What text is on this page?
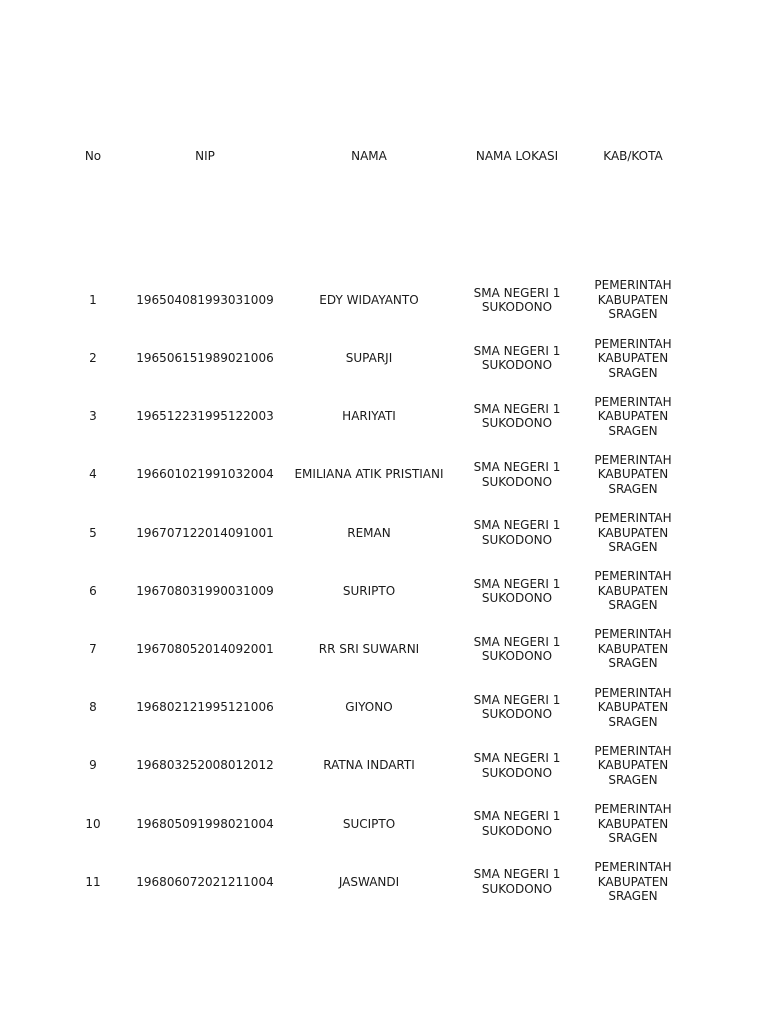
No	NIP	NAMA	NAMA LOKASI	KAB/KOTA

1	196504081993031009	EDY WIDAYANTO	SMA NEGERI 1 SUKODONO	PEMERINTAH KABUPATEN SRAGEN
2	196506151989021006	SUPARJI	SMA NEGERI 1 SUKODONO	PEMERINTAH KABUPATEN SRAGEN
3	196512231995122003	HARIYATI	SMA NEGERI 1 SUKODONO	PEMERINTAH KABUPATEN SRAGEN
4	196601021991032004	EMILIANA ATIK PRISTIANI	SMA NEGERI 1 SUKODONO	PEMERINTAH KABUPATEN SRAGEN
5	196707122014091001	REMAN	SMA NEGERI 1 SUKODONO	PEMERINTAH KABUPATEN SRAGEN
6	196708031990031009	SURIPTO	SMA NEGERI 1 SUKODONO	PEMERINTAH KABUPATEN SRAGEN
7	196708052014092001	RR SRI SUWARNI	SMA NEGERI 1 SUKODONO	PEMERINTAH KABUPATEN SRAGEN
8	196802121995121006	GIYONO	SMA NEGERI 1 SUKODONO	PEMERINTAH KABUPATEN SRAGEN
9	196803252008012012	RATNA INDARTI	SMA NEGERI 1 SUKODONO	PEMERINTAH KABUPATEN SRAGEN
10	196805091998021004	SUCIPTO	SMA NEGERI 1 SUKODONO	PEMERINTAH KABUPATEN SRAGEN
11	196806072021211004	JASWANDI	SMA NEGERI 1 SUKODONO	PEMERINTAH KABUPATEN SRAGEN
